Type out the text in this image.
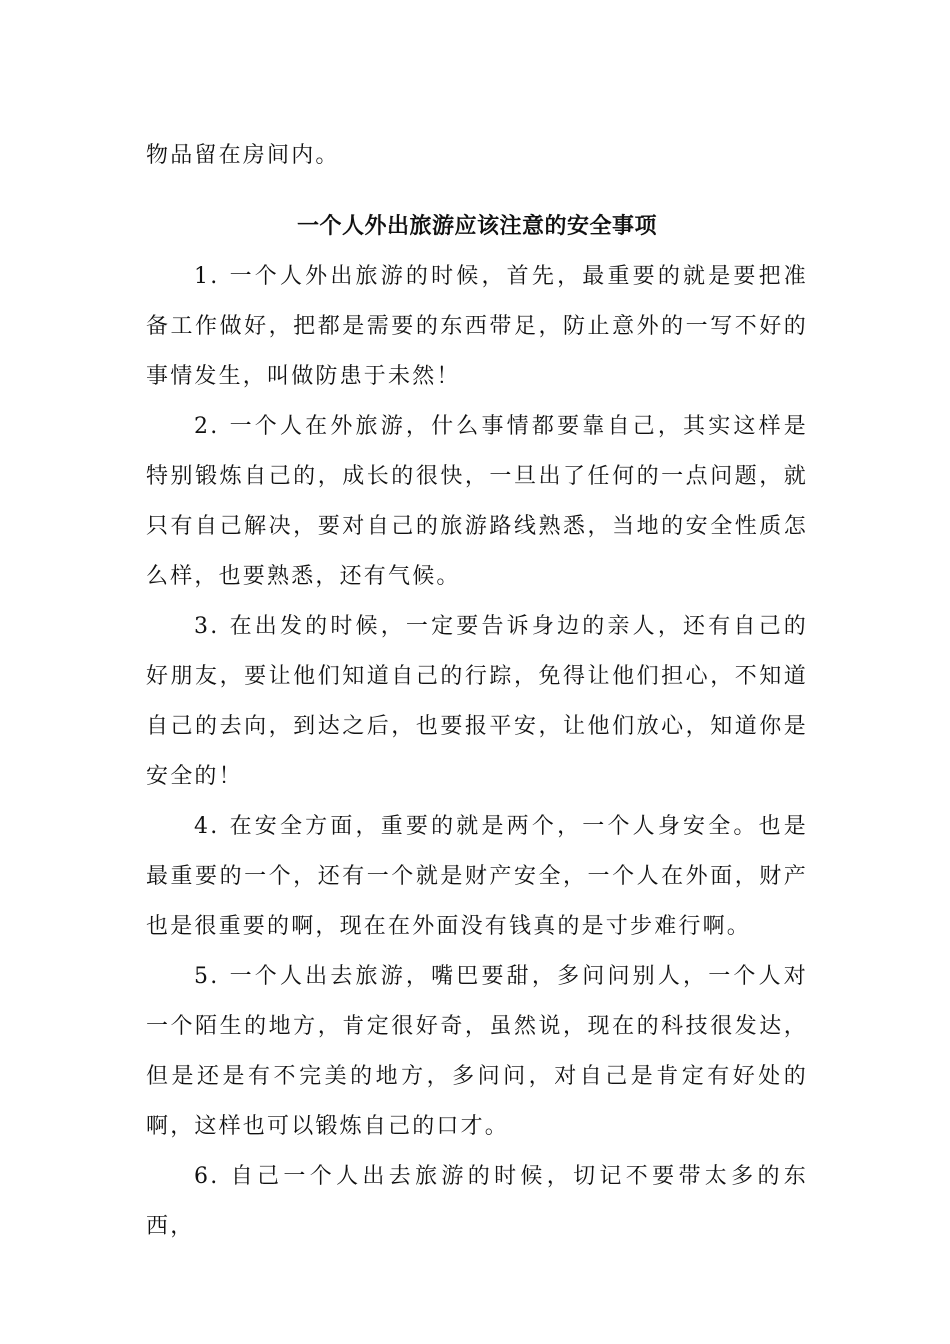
物品留在房间内。
一个人外出旅游应该注意的安全事项

1. 一个人外出旅游的时候，首先，最重要的就是要把准备工作做好，把都是需要的东西带足，防止意外的一写不好的事情发生，叫做防患于未然！

2. 一个人在外旅游，什么事情都要靠自己，其实这样是特别锻炼自己的，成长的很快，一旦出了任何的一点问题，就只有自己解决，要对自己的旅游路线熟悉，当地的安全性质怎么样，也要熟悉，还有气候。

3. 在出发的时候，一定要告诉身边的亲人，还有自己的好朋友，要让他们知道自己的行踪，免得让他们担心，不知道自己的去向，到达之后，也要报平安，让他们放心，知道你是安全的！

4. 在安全方面，重要的就是两个，一个人身安全。也是最重要的一个，还有一个就是财产安全，一个人在外面，财产也是很重要的啊，现在在外面没有钱真的是寸步难行啊。

5. 一个人出去旅游，嘴巴要甜，多问问别人，一个人对一个陌生的地方，肯定很好奇，虽然说，现在的科技很发达，但是还是有不完美的地方，多问问，对自己是肯定有好处的啊，这样也可以锻炼自己的口才。

6. 自己一个人出去旅游的时候，切记不要带太多的东西，
